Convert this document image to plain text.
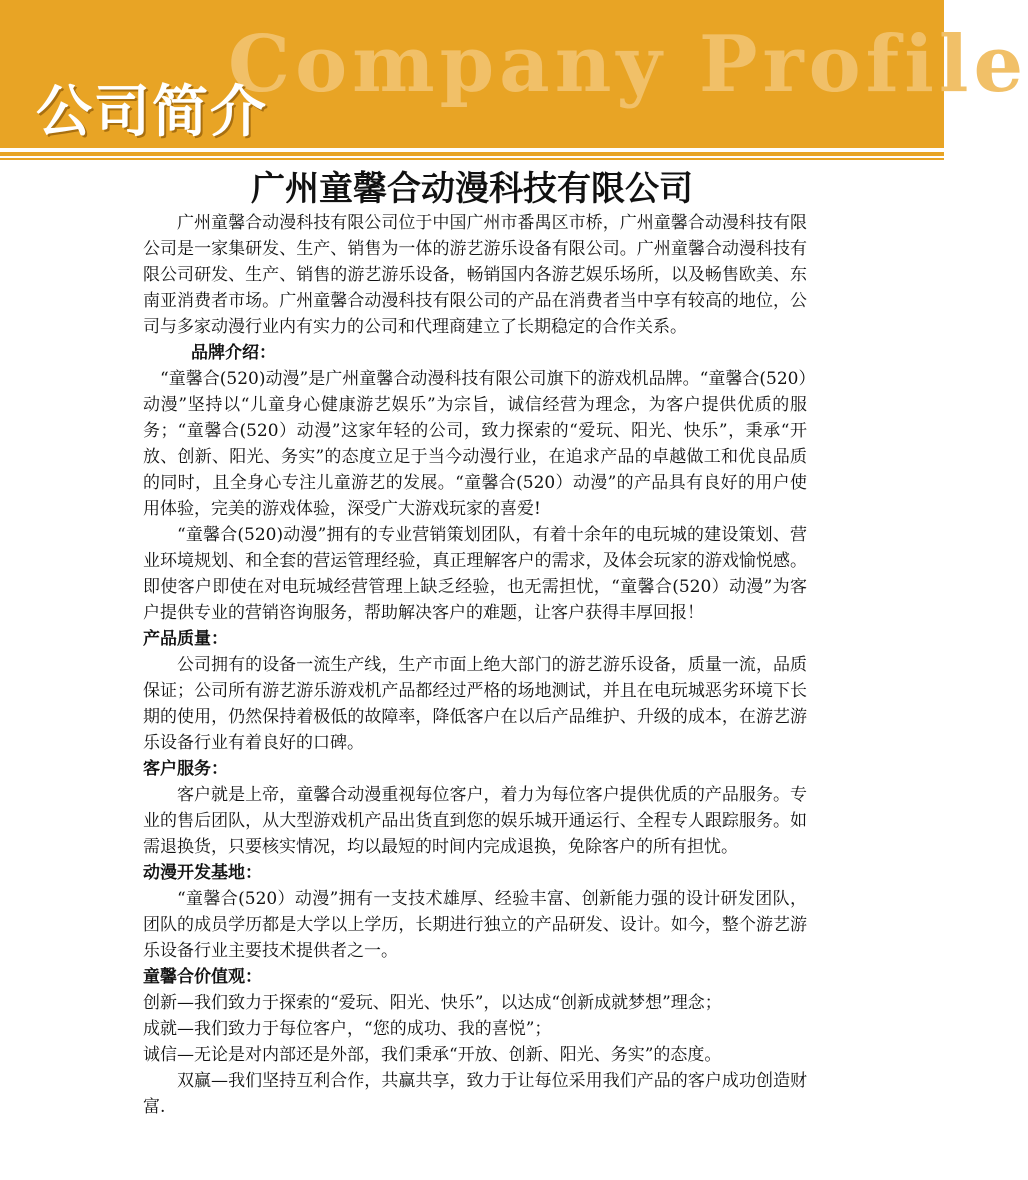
Company Profile
公司简介
广州童馨合动漫科技有限公司

广州童馨合动漫科技有限公司位于中国广州市番禺区市桥，广州童馨合动漫科技有限公司是一家集研发、生产、销售为一体的游艺游乐设备有限公司。广州童馨合动漫科技有限公司研发、生产、销售的游艺游乐设备，畅销国内各游艺娱乐场所，以及畅售欧美、东南亚消费者市场。广州童馨合动漫科技有限公司的产品在消费者当中享有较高的地位，公司与多家动漫行业内有实力的公司和代理商建立了长期稳定的合作关系。

品牌介绍：

“童馨合(520)动漫”是广州童馨合动漫科技有限公司旗下的游戏机品牌。“童馨合(520）动漫”坚持以“儿童身心健康游艺娱乐”为宗旨，诚信经营为理念，为客户提供优质的服务；“童馨合(520）动漫”这家年轻的公司，致力探索的“爱玩、阳光、快乐”，秉承“开放、创新、阳光、务实”的态度立足于当今动漫行业，在追求产品的卓越做工和优良品质的同时，且全身心专注儿童游艺的发展。“童馨合(520）动漫”的产品具有良好的用户使用体验，完美的游戏体验，深受广大游戏玩家的喜爱!

“童馨合(520)动漫”拥有的专业营销策划团队，有着十余年的电玩城的建设策划、营业环境规划、和全套的营运管理经验，真正理解客户的需求，及体会玩家的游戏愉悦感。即使客户即使在对电玩城经营管理上缺乏经验，也无需担忧，“童馨合(520）动漫”为客户提供专业的营销咨询服务，帮助解决客户的难题，让客户获得丰厚回报！

产品质量：

公司拥有的设备一流生产线，生产市面上绝大部门的游艺游乐设备，质量一流，品质保证；公司所有游艺游乐游戏机产品都经过严格的场地测试，并且在电玩城恶劣环境下长期的使用，仍然保持着极低的故障率，降低客户在以后产品维护、升级的成本，在游艺游乐设备行业有着良好的口碑。

客户服务：

客户就是上帝，童馨合动漫重视每位客户，着力为每位客户提供优质的产品服务。专业的售后团队，从大型游戏机产品出货直到您的娱乐城开通运行、全程专人跟踪服务。如需退换货，只要核实情况，均以最短的时间内完成退换，免除客户的所有担忧。

动漫开发基地：

“童馨合(520）动漫”拥有一支技术雄厚、经验丰富、创新能力强的设计研发团队，团队的成员学历都是大学以上学历，长期进行独立的产品研发、设计。如今，整个游艺游乐设备行业主要技术提供者之一。

童馨合价值观：

创新—我们致力于探索的“爱玩、阳光、快乐”，以达成“创新成就梦想”理念；

成就—我们致力于每位客户，“您的成功、我的喜悦”；

诚信—无论是对内部还是外部，我们秉承“开放、创新、阳光、务实”的态度。

双赢—我们坚持互利合作，共赢共享，致力于让每位采用我们产品的客户成功创造财富.
